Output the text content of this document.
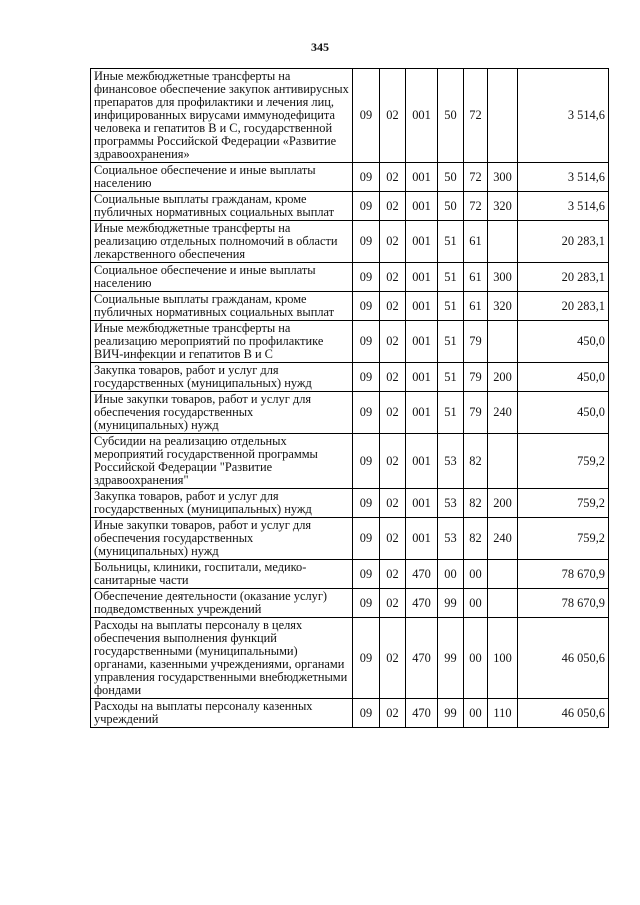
345
Иные межбюджетные трансферты на финансовое обеспечение закупок антивирусных препаратов для профилактики и лечения лиц, инфицированных вирусами иммунодефицита человека и гепатитов В и С, государственной программы Российской Федерации «Развитие здравоохранения»	09	02	001	50	72		3 514,6
Социальное обеспечение и иные выплаты населению	09	02	001	50	72	300	3 514,6
Социальные выплаты гражданам, кроме публичных нормативных социальных выплат	09	02	001	50	72	320	3 514,6
Иные межбюджетные трансферты на реализацию отдельных полномочий в области лекарственного обеспечения	09	02	001	51	61		20 283,1
Социальное обеспечение и иные выплаты населению	09	02	001	51	61	300	20 283,1
Социальные выплаты гражданам, кроме публичных нормативных социальных выплат	09	02	001	51	61	320	20 283,1
Иные межбюджетные трансферты на реализацию мероприятий по профилактике ВИЧ-инфекции и гепатитов В и С	09	02	001	51	79		450,0
Закупка товаров, работ и услуг для государственных (муниципальных) нужд	09	02	001	51	79	200	450,0
Иные закупки товаров, работ и услуг для обеспечения государственных (муниципальных) нужд	09	02	001	51	79	240	450,0
Субсидии на реализацию отдельных мероприятий государственной программы Российской Федерации "Развитие здравоохранения"	09	02	001	53	82		759,2
Закупка товаров, работ и услуг для государственных (муниципальных) нужд	09	02	001	53	82	200	759,2
Иные закупки товаров, работ и услуг для обеспечения государственных (муниципальных) нужд	09	02	001	53	82	240	759,2
Больницы, клиники, госпитали, медико-санитарные части	09	02	470	00	00		78 670,9
Обеспечение деятельности (оказание услуг) подведомственных учреждений	09	02	470	99	00		78 670,9
Расходы на выплаты персоналу в целях обеспечения выполнения функций государственными (муниципальными) органами, казенными учреждениями, органами управления государственными внебюджетными фондами	09	02	470	99	00	100	46 050,6
Расходы на выплаты персоналу казенных учреждений	09	02	470	99	00	110	46 050,6
